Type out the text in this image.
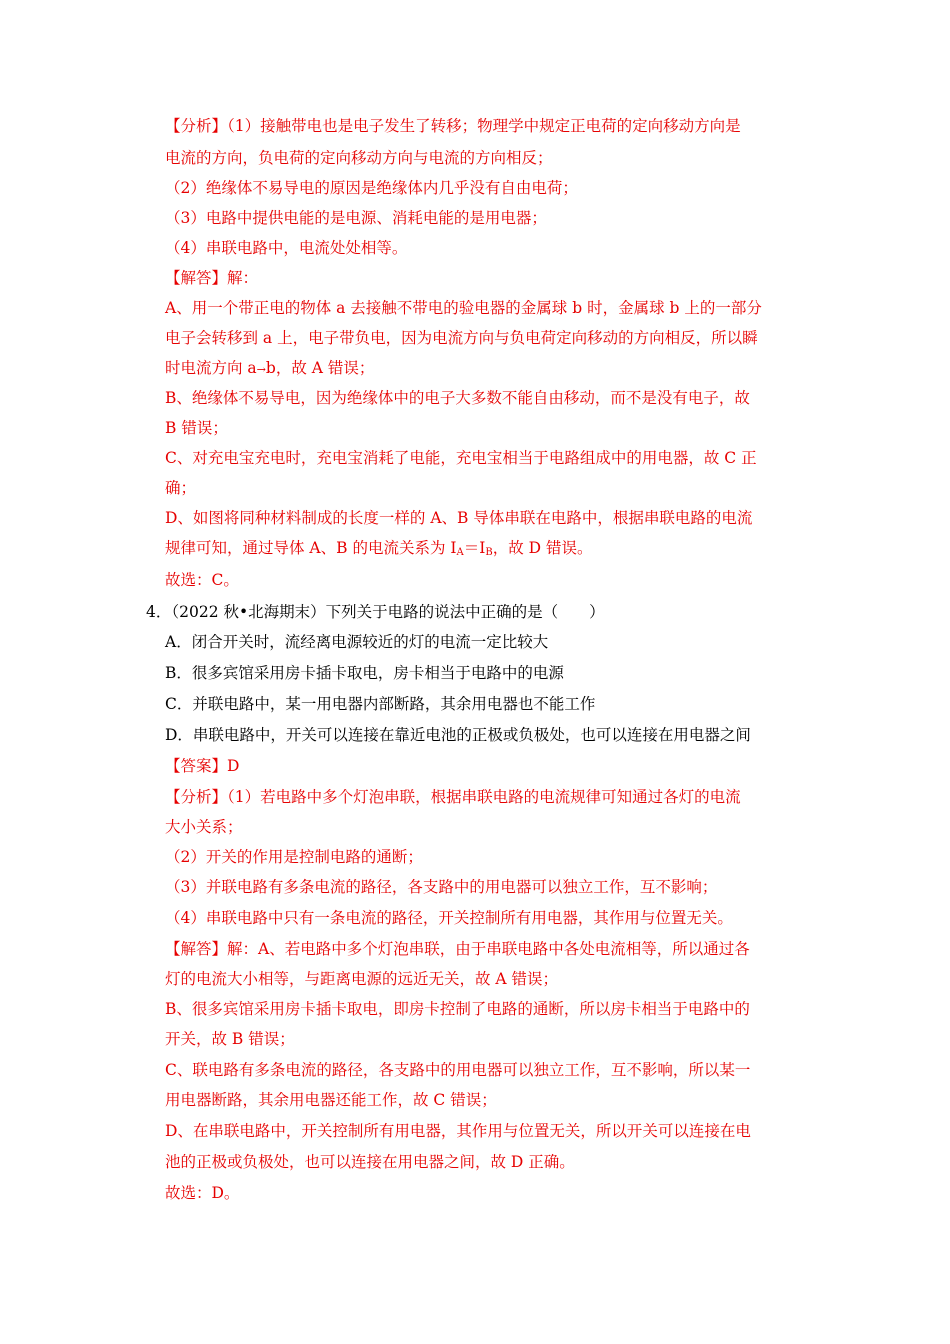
【分析】（1）接触带电也是电子发生了转移；物理学中规定正电荷的定向移动方向是
电流的方向，负电荷的定向移动方向与电流的方向相反；
（2）绝缘体不易导电的原因是绝缘体内几乎没有自由电荷；
（3）电路中提供电能的是电源、消耗电能的是用电器；
（4）串联电路中，电流处处相等。
【解答】解：
A、用一个带正电的物体 a 去接触不带电的验电器的金属球 b 时，金属球 b 上的一部分
电子会转移到 a 上，电子带负电，因为电流方向与负电荷定向移动的方向相反，所以瞬
时电流方向 a→b，故 A 错误；
B、绝缘体不易导电，因为绝缘体中的电子大多数不能自由移动，而不是没有电子，故
B 错误；
C、对充电宝充电时，充电宝消耗了电能，充电宝相当于电路组成中的用电器，故 C 正
确；
D、如图将同种材料制成的长度一样的 A、B 导体串联在电路中，根据串联电路的电流
规律可知，通过导体 A、B 的电流关系为 $I_A=I_B$，故 D 错误。
故选：C。
4．（2022 秋•北海期末）下列关于电路的说法中正确的是（　　）
A．闭合开关时，流经离电源较近的灯的电流一定比较大
B．很多宾馆采用房卡插卡取电，房卡相当于电路中的电源
C．并联电路中，某一用电器内部断路，其余用电器也不能工作
D．串联电路中，开关可以连接在靠近电池的正极或负极处，也可以连接在用电器之间
【答案】D
【分析】（1）若电路中多个灯泡串联，根据串联电路的电流规律可知通过各灯的电流
大小关系；
（2）开关的作用是控制电路的通断；
（3）并联电路有多条电流的路径，各支路中的用电器可以独立工作，互不影响；
（4）串联电路中只有一条电流的路径，开关控制所有用电器，其作用与位置无关。
【解答】解：A、若电路中多个灯泡串联，由于串联电路中各处电流相等，所以通过各
灯的电流大小相等，与距离电源的远近无关，故 A 错误；
B、很多宾馆采用房卡插卡取电，即房卡控制了电路的通断，所以房卡相当于电路中的
开关，故 B 错误；
C、联电路有多条电流的路径，各支路中的用电器可以独立工作，互不影响，所以某一
用电器断路，其余用电器还能工作，故 C 错误；
D、在串联电路中，开关控制所有用电器，其作用与位置无关，所以开关可以连接在电
池的正极或负极处，也可以连接在用电器之间，故 D 正确。
故选：D。
